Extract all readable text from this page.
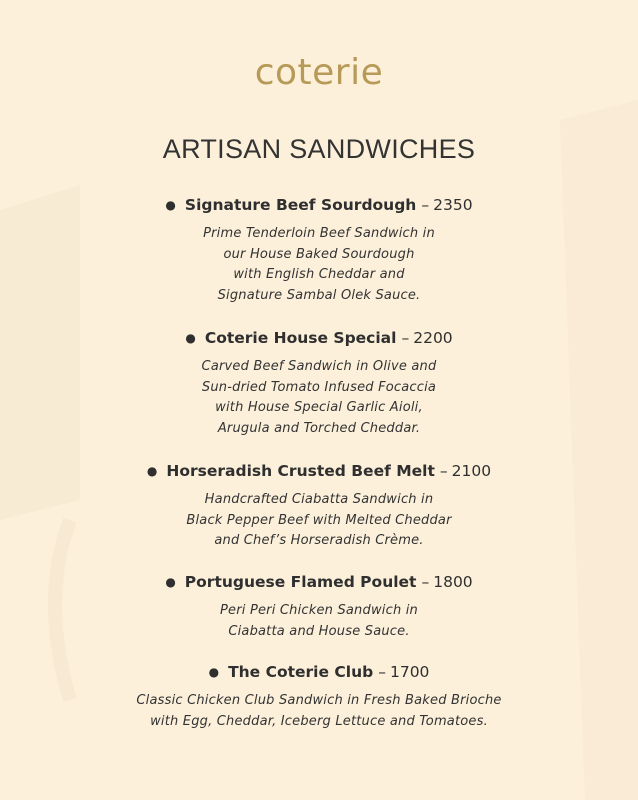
coterie
ARTISAN SANDWICHES
● Signature Beef Sourdough – 2350
Prime Tenderloin Beef Sandwich in
our House Baked Sourdough
with English Cheddar and
Signature Sambal Olek Sauce.
● Coterie House Special – 2200
Carved Beef Sandwich in Olive and
Sun-dried Tomato Infused Focaccia
with House Special Garlic Aioli,
Arugula and Torched Cheddar.
● Horseradish Crusted Beef Melt – 2100
Handcrafted Ciabatta Sandwich in
Black Pepper Beef with Melted Cheddar
and Chef’s Horseradish Crème.
● Portuguese Flamed Poulet – 1800
Peri Peri Chicken Sandwich in
Ciabatta and House Sauce.
● The Coterie Club – 1700
Classic Chicken Club Sandwich in Fresh Baked Brioche
with Egg, Cheddar, Iceberg Lettuce and Tomatoes.
